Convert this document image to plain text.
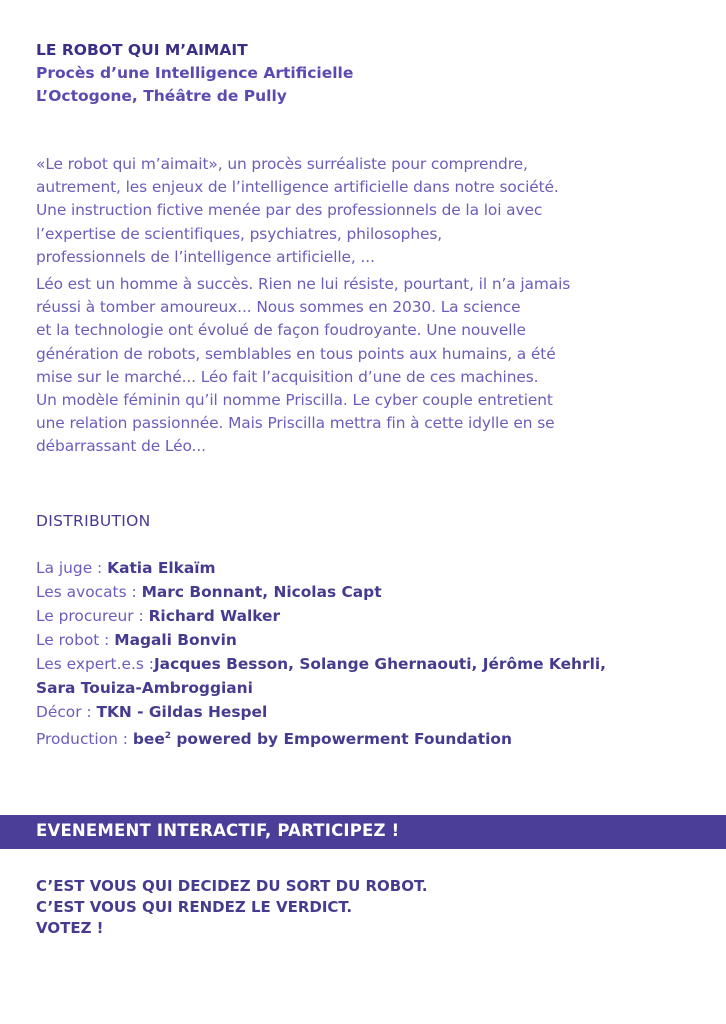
LE ROBOT QUI M’AIMAIT
Procès d’une Intelligence Artificielle
L’Octogone, Théâtre de Pully
«Le robot qui m’aimait», un procès surréaliste pour comprendre,
autrement, les enjeux de l’intelligence artificielle dans notre société.
Une instruction fictive menée par des professionnels de la loi avec
l’expertise de scientifiques, psychiatres, philosophes,
professionnels de l’intelligence artificielle, ...
Léo est un homme à succès. Rien ne lui résiste, pourtant, il n’a jamais
réussi à tomber amoureux... Nous sommes en 2030. La science
et la technologie ont évolué de façon foudroyante. Une nouvelle
génération de robots, semblables en tous points aux humains, a été
mise sur le marché... Léo fait l’acquisition d’une de ces machines.
Un modèle féminin qu’il nomme Priscilla. Le cyber couple entretient
une relation passionnée. Mais Priscilla mettra fin à cette idylle en se
débarrassant de Léo...
DISTRIBUTION
La juge : Katia Elkaïm
Les avocats : Marc Bonnant, Nicolas Capt
Le procureur : Richard Walker
Le robot : Magali Bonvin
Les expert.e.s :Jacques Besson, Solange Ghernaouti, Jérôme Kehrli,
Sara Touiza-Ambroggiani
Décor : TKN - Gildas Hespel
Production : bee$^2$ powered by Empowerment Foundation
EVENEMENT INTERACTIF, PARTICIPEZ !
C’EST VOUS QUI DECIDEZ DU SORT DU ROBOT.
C’EST VOUS QUI RENDEZ LE VERDICT.
VOTEZ !
